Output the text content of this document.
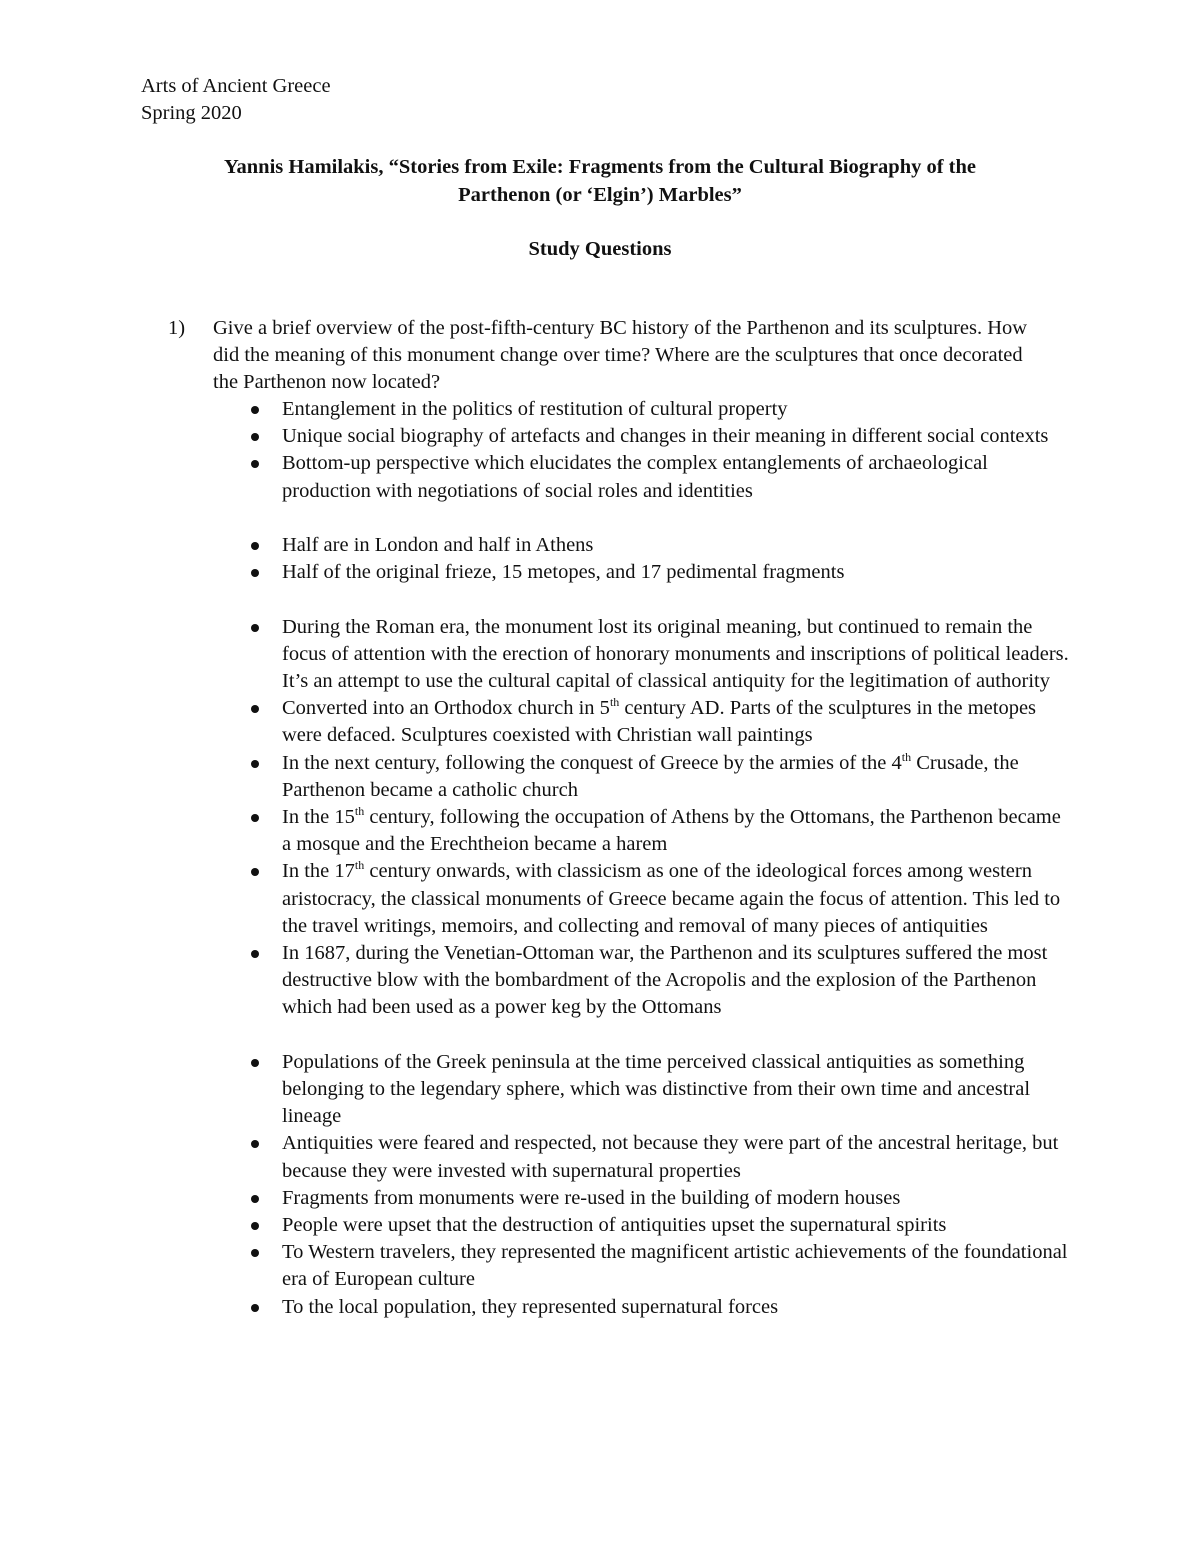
Arts of Ancient Greece
Spring 2020
Yannis Hamilakis, “Stories from Exile: Fragments from the Cultural Biography of the
Parthenon (or ‘Elgin’) Marbles”
Study Questions
1) Give a brief overview of the post-fifth-century BC history of the Parthenon and its sculptures. How did the meaning of this monument change over time? Where are the sculptures that once decorated the Parthenon now located?
Entanglement in the politics of restitution of cultural property
Unique social biography of artefacts and changes in their meaning in different social contexts
Bottom-up perspective which elucidates the complex entanglements of archaeological production with negotiations of social roles and identities
Half are in London and half in Athens
Half of the original frieze, 15 metopes, and 17 pedimental fragments
During the Roman era, the monument lost its original meaning, but continued to remain the focus of attention with the erection of honorary monuments and inscriptions of political leaders. It’s an attempt to use the cultural capital of classical antiquity for the legitimation of authority
Converted into an Orthodox church in 5th century AD. Parts of the sculptures in the metopes were defaced. Sculptures coexisted with Christian wall paintings
In the next century, following the conquest of Greece by the armies of the 4th Crusade, the Parthenon became a catholic church
In the 15th century, following the occupation of Athens by the Ottomans, the Parthenon became a mosque and the Erechtheion became a harem
In the 17th century onwards, with classicism as one of the ideological forces among western aristocracy, the classical monuments of Greece became again the focus of attention. This led to the travel writings, memoirs, and collecting and removal of many pieces of antiquities
In 1687, during the Venetian-Ottoman war, the Parthenon and its sculptures suffered the most destructive blow with the bombardment of the Acropolis and the explosion of the Parthenon which had been used as a power keg by the Ottomans
Populations of the Greek peninsula at the time perceived classical antiquities as something belonging to the legendary sphere, which was distinctive from their own time and ancestral lineage
Antiquities were feared and respected, not because they were part of the ancestral heritage, but because they were invested with supernatural properties
Fragments from monuments were re-used in the building of modern houses
People were upset that the destruction of antiquities upset the supernatural spirits
To Western travelers, they represented the magnificent artistic achievements of the foundational era of European culture
To the local population, they represented supernatural forces
